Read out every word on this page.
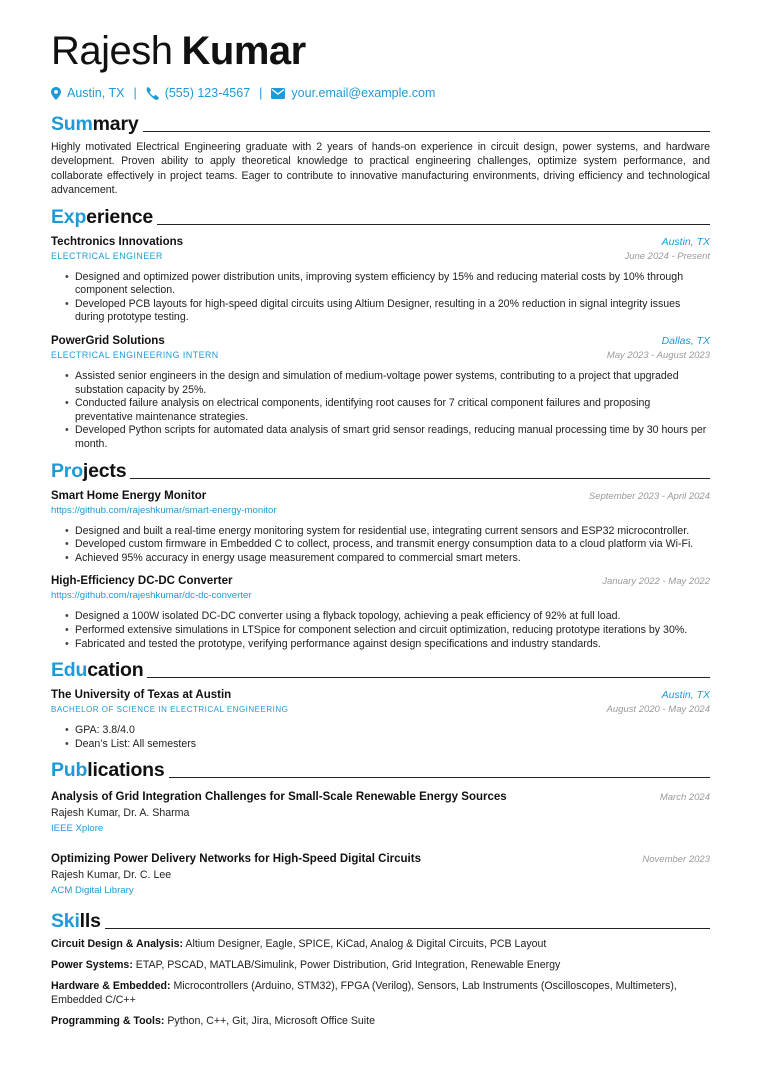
Rajesh Kumar
Austin, TX | (555) 123-4567 | your.email@example.com
Summary

Highly motivated Electrical Engineering graduate with 2 years of hands-on experience in circuit design, power systems, and hardware development. Proven ability to apply theoretical knowledge to practical engineering challenges, optimize system performance, and collaborate effectively in project teams. Eager to contribute to innovative manufacturing environments, driving efficiency and technological advancement.

Experience
Techtronics Innovations	Austin, TX
ELECTRICAL ENGINEER	June 2024 - Present
• Designed and optimized power distribution units, improving system efficiency by 15% and reducing material costs by 10% through component selection.
• Developed PCB layouts for high-speed digital circuits using Altium Designer, resulting in a 20% reduction in signal integrity issues during prototype testing.
PowerGrid Solutions	Dallas, TX
ELECTRICAL ENGINEERING INTERN	May 2023 - August 2023
• Assisted senior engineers in the design and simulation of medium-voltage power systems, contributing to a project that upgraded substation capacity by 25%.
• Conducted failure analysis on electrical components, identifying root causes for 7 critical component failures and proposing preventative maintenance strategies.
• Developed Python scripts for automated data analysis of smart grid sensor readings, reducing manual processing time by 30 hours per month.
Projects
Smart Home Energy Monitor	September 2023 - April 2024
https://github.com/rajeshkumar/smart-energy-monitor
• Designed and built a real-time energy monitoring system for residential use, integrating current sensors and ESP32 microcontroller.
• Developed custom firmware in Embedded C to collect, process, and transmit energy consumption data to a cloud platform via Wi-Fi.
• Achieved 95% accuracy in energy usage measurement compared to commercial smart meters.
High-Efficiency DC-DC Converter	January 2022 - May 2022
https://github.com/rajeshkumar/dc-dc-converter
• Designed a 100W isolated DC-DC converter using a flyback topology, achieving a peak efficiency of 92% at full load.
• Performed extensive simulations in LTSpice for component selection and circuit optimization, reducing prototype iterations by 30%.
• Fabricated and tested the prototype, verifying performance against design specifications and industry standards.
Education
The University of Texas at Austin	Austin, TX
BACHELOR OF SCIENCE IN ELECTRICAL ENGINEERING	August 2020 - May 2024
• GPA: 3.8/4.0
• Dean’s List: All semesters
Publications
Analysis of Grid Integration Challenges for Small-Scale Renewable Energy Sources	March 2024
Rajesh Kumar, Dr. A. Sharma
IEEE Xplore
Optimizing Power Delivery Networks for High-Speed Digital Circuits	November 2023
Rajesh Kumar, Dr. C. Lee
ACM Digital Library
Skills
Circuit Design & Analysis: Altium Designer, Eagle, SPICE, KiCad, Analog & Digital Circuits, PCB Layout
Power Systems: ETAP, PSCAD, MATLAB/Simulink, Power Distribution, Grid Integration, Renewable Energy
Hardware & Embedded: Microcontrollers (Arduino, STM32), FPGA (Verilog), Sensors, Lab Instruments (Oscilloscopes, Multimeters), Embedded C/C++
Programming & Tools: Python, C++, Git, Jira, Microsoft Office Suite
